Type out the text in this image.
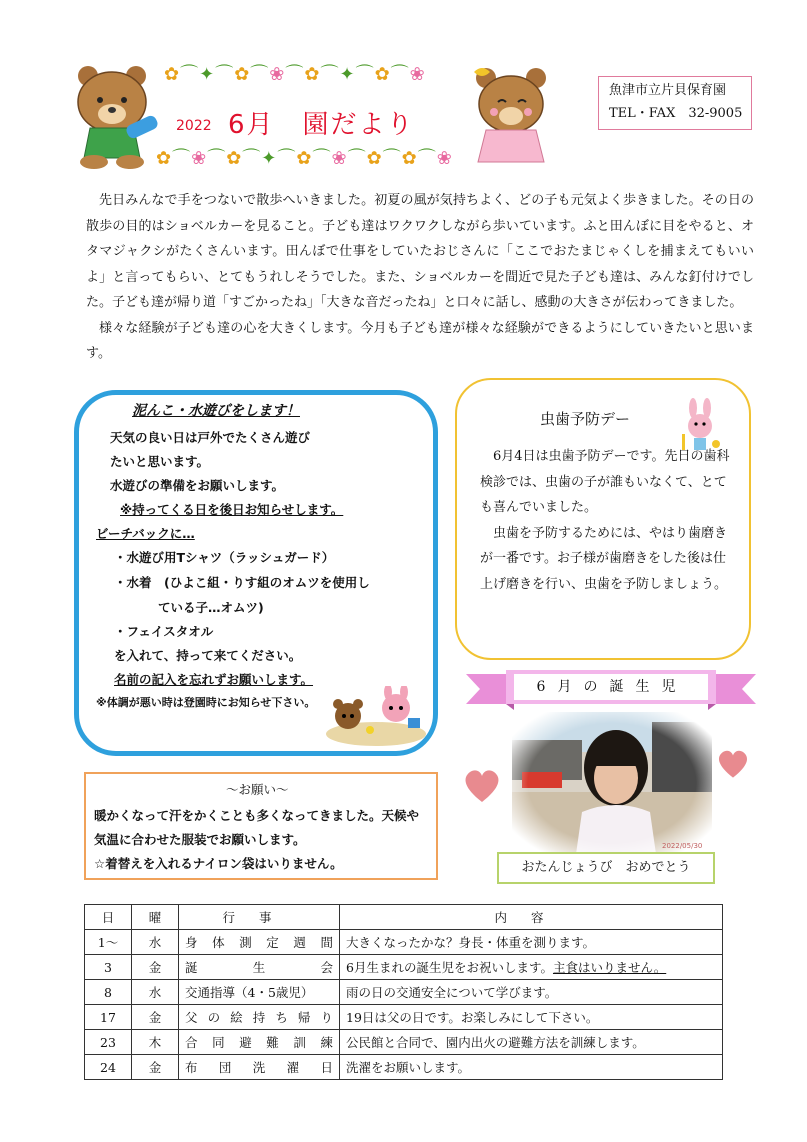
✿⌒✦⌒✿⌒❀⌒✿⌒✦⌒✿⌒❀
✿⌒❀⌒✿⌒✦⌒✿⌒❀⌒✿⌒✿⌒❀
2022 6月　園だより
魚津市立片貝保育園
TEL・FAX　32-9005

先日みんなで手をつないで散歩へいきました。初夏の風が気持ちよく、どの子も元気よく歩きました。その日の散歩の目的はショベルカーを見ること。子ども達はワクワクしながら歩いています。ふと田んぼに目をやると、オタマジャクシがたくさんいます。田んぼで仕事をしていたおじさんに「ここでおたまじゃくしを捕まえてもいいよ」と言ってもらい、とてもうれしそうでした。また、ショベルカーを間近で見た子ども達は、みんな釘付けでした。子ども達が帰り道「すごかったね」「大きな音だったね」と口々に話し、感動の大きさが伝わってきました。

様々な経験が子ども達の心を大きくします。今月も子ども達が様々な経験ができるようにしていきたいと思います。

泥んこ・水遊びをします！
天気の良い日は戸外でたくさん遊び
たいと思います。
水遊びの準備をお願いします。
※持ってくる日を後日お知らせします。
ビーチバックに…
・水遊び用Tシャツ（ラッシュガード）
・水着　(ひよこ組・りす組のオムツを使用し
ている子…オムツ)
・フェイスタオル
を入れて、持って来てください。
名前の記入を忘れずお願いします。
※体調が悪い時は登園時にお知らせ下さい。
虫歯予防デー

6月4日は虫歯予防デーです。先日の歯科検診では、虫歯の子が誰もいなくて、とても喜んでいました。

虫歯を予防するためには、やはり歯磨きが一番です。お子様が歯磨きをした後は仕上げ磨きを行い、虫歯を予防しましょう。

6月の誕生児
2022/05/30
おたんじょうび　おめでとう
～お願い～
暖かくなって汗をかくことも多くなってきました。天候や
気温に合わせた服装でお願いします。
☆着替えを入れるナイロン袋はいりません。
日	曜	行事	内容
1～	水	身体測定週間	大きくなったかな？身長・体重を測ります。
3	金	誕生会	6月生まれの誕生児をお祝いします。主食はいりません。
8	水	交通指導（4・5歳児）	雨の日の交通安全について学びます。
17	金	父の絵持ち帰り	19日は父の日です。お楽しみにして下さい。
23	木	合同避難訓練	公民館と合同で、園内出火の避難方法を訓練します。
24	金	布団洗濯日	洗濯をお願いします。
